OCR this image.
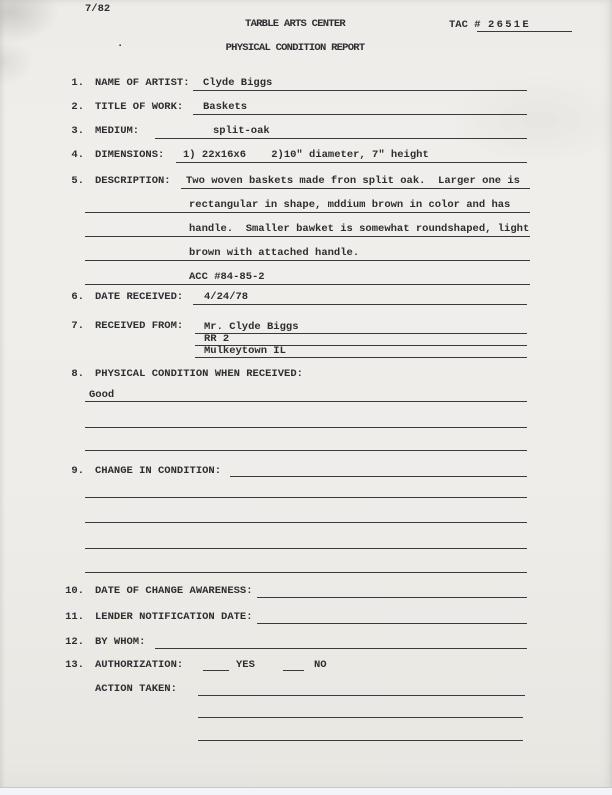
7/82
TARBLE ARTS CENTER	TAC # 2651E
PHYSICAL CONDITION REPORT
.
1. NAME OF ARTIST: Clyde Biggs
2. TITLE OF WORK: Baskets
3. MEDIUM:	split-oak
4. DIMENSIONS: 1) 22x16x6    2)10" diameter, 7" height
5. DESCRIPTION: Two woven baskets made fron split oak.  Larger one is
rectangular in shape, mddium brown in color and has
handle.  Smaller bawket is somewhat roundshaped, light
brown with attached handle.
ACC #84-85-2
6. DATE RECEIVED: 4/24/78
7. RECEIVED FROM: Mr. Clyde Biggs
RR 2
Mulkeytown IL
8. PHYSICAL CONDITION WHEN RECEIVED:
Good
9. CHANGE IN CONDITION:
10. DATE OF CHANGE AWARENESS:
11. LENDER NOTIFICATION DATE:
12. BY WHOM:
13. AUTHORIZATION:	YES	NO
ACTION TAKEN:
